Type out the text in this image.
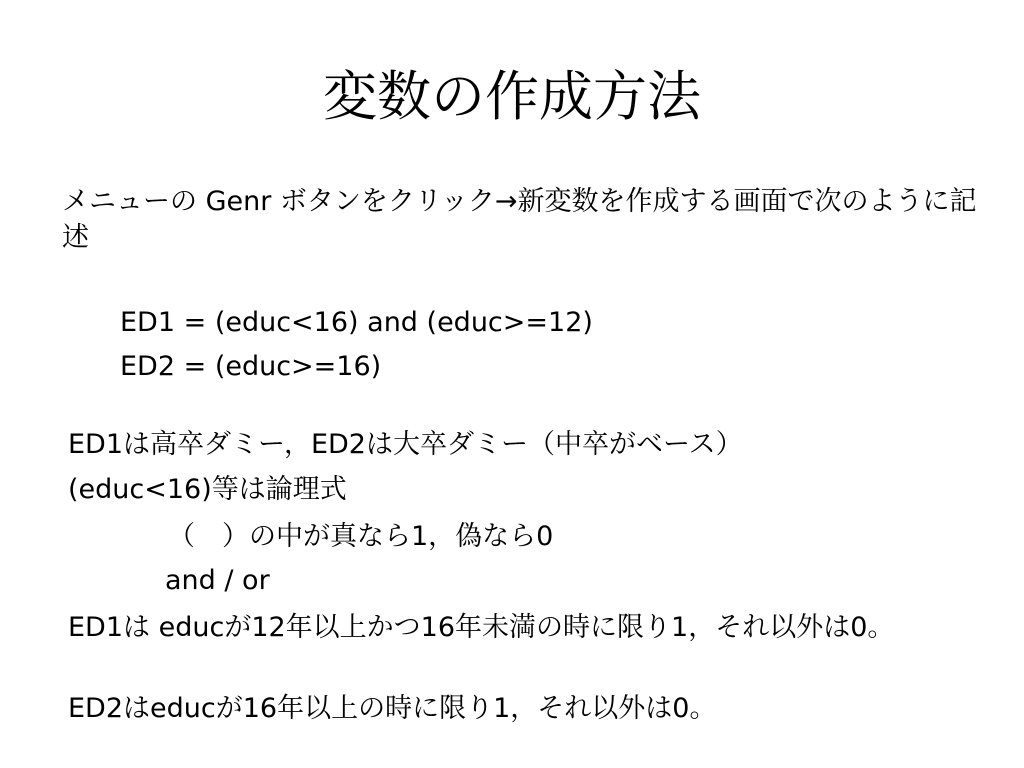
変数の作成方法
メニューの Genr ボタンをクリック→新変数を作成する画面で次のように記述
ED1 = (educ<16) and (educ>=12)
ED2 = (educ>=16)
ED1は高卒ダミー，ED2は大卒ダミー（中卒がベース）
(educ<16)等は論理式
（　）の中が真なら1，偽なら0
and / or
ED1は educが12年以上かつ16年未満の時に限り1，それ以外は0。
ED2はeducが16年以上の時に限り1，それ以外は0。
